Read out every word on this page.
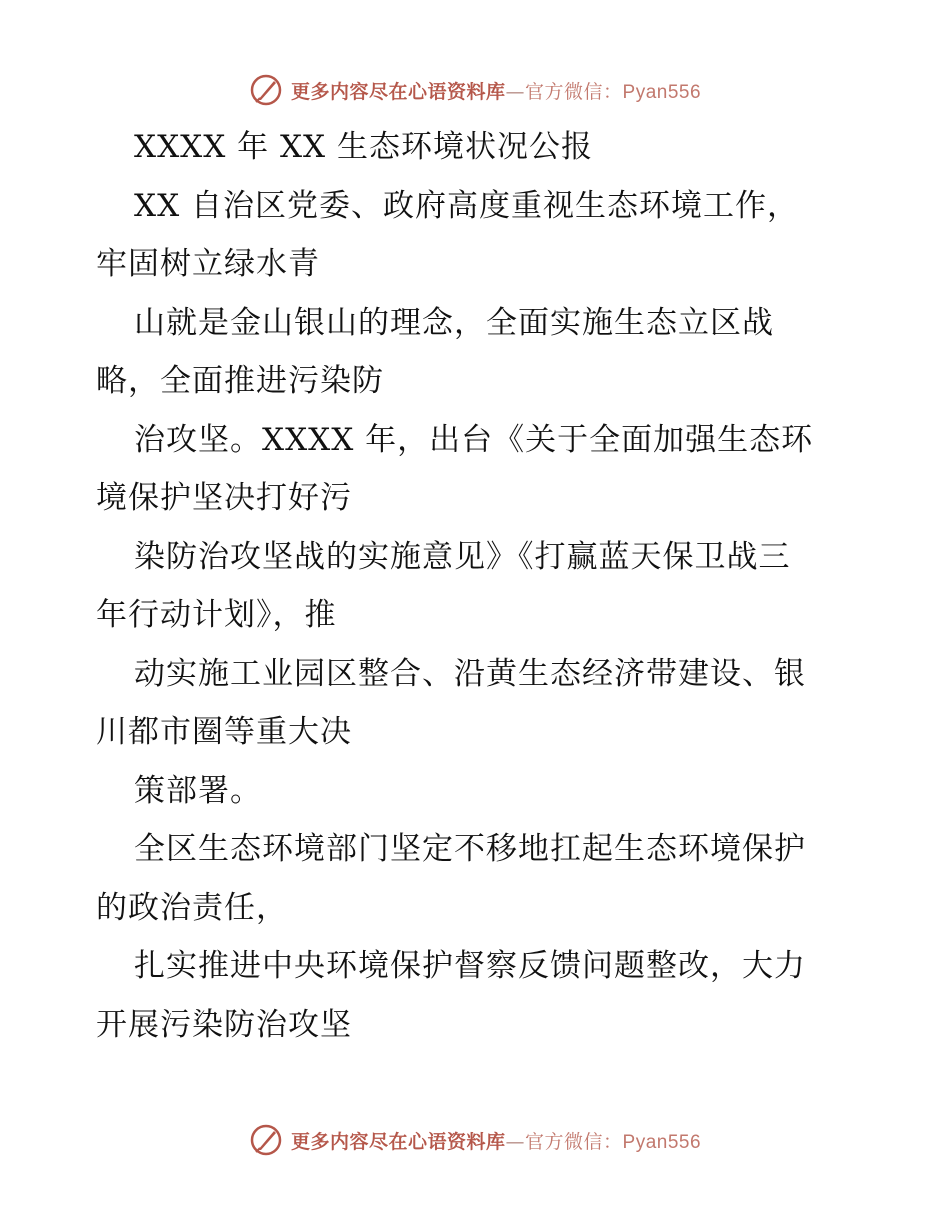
更多内容尽在心语资料库—官方微信：Pyan556
XXXX 年 XX 生态环境状况公报
XX 自治区党委、政府高度重视生态环境工作，
牢固树立绿水青
山就是金山银山的理念，全面实施生态立区战
略，全面推进污染防
治攻坚。XXXX 年，出台《关于全面加强生态环
境保护坚决打好污
染防治攻坚战的实施意见》《打赢蓝天保卫战三
年行动计划》，推
动实施工业园区整合、沿黄生态经济带建设、银
川都市圈等重大决
策部署。
全区生态环境部门坚定不移地扛起生态环境保护
的政治责任，
扎实推进中央环境保护督察反馈问题整改，大力
开展污染防治攻坚
更多内容尽在心语资料库—官方微信：Pyan556
